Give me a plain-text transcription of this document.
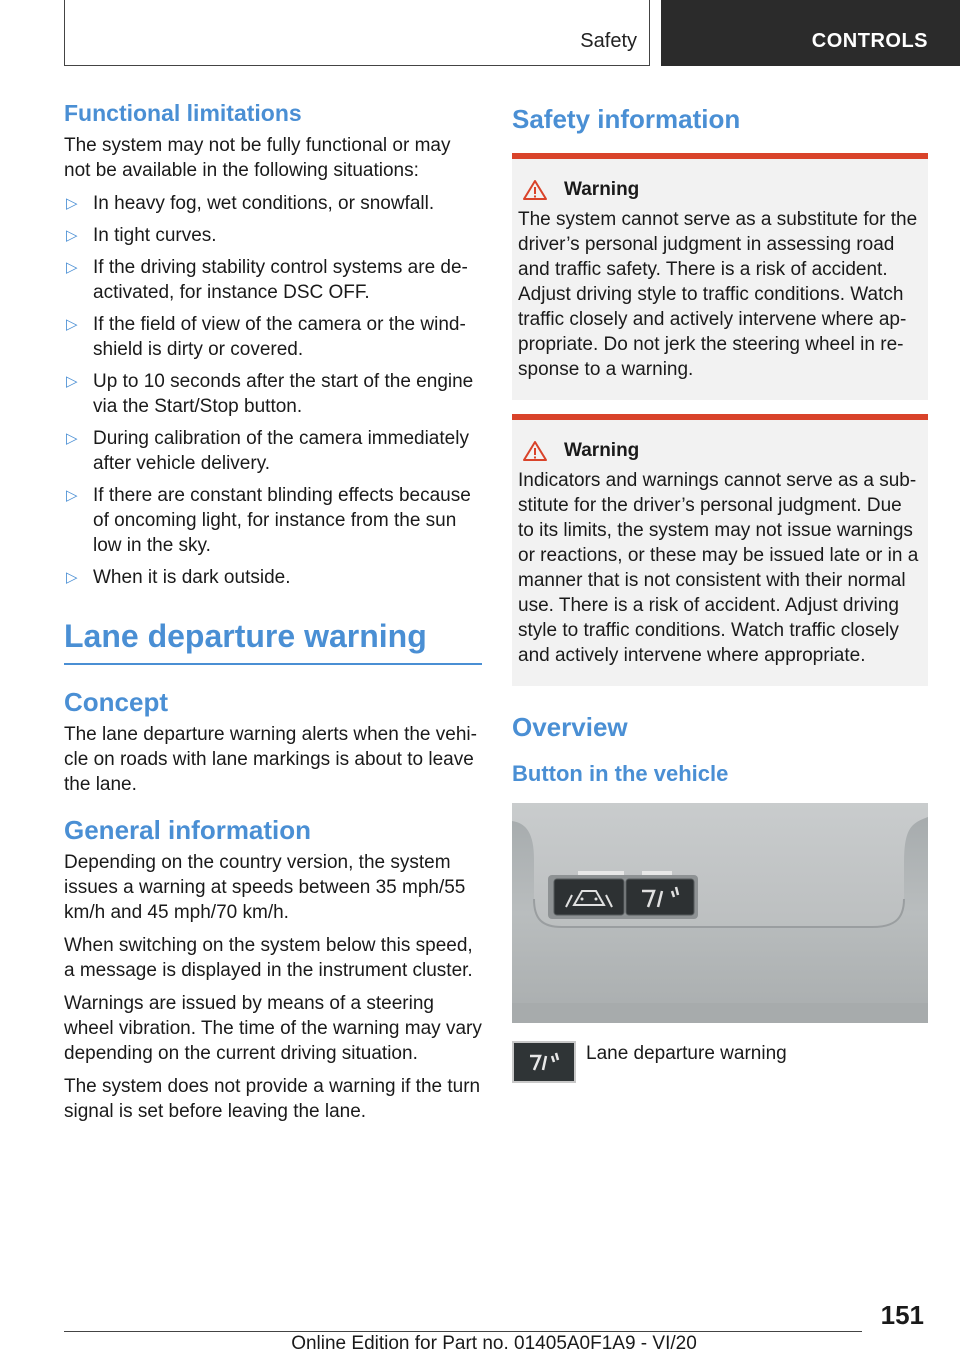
Safety	CONTROLS
Functional limitations

The system may not be fully functional or may not be available in the following situations:

▷ In heavy fog, wet conditions, or snowfall.
▷ In tight curves.
▷ If the driving stability control systems are deactivated, for instance DSC OFF.
▷ If the field of view of the camera or the windshield is dirty or covered.
▷ Up to 10 seconds after the start of the engine via the Start/Stop button.
▷ During calibration of the camera immediately after vehicle delivery.
▷ If there are constant blinding effects because of oncoming light, for instance from the sun low in the sky.
▷ When it is dark outside.
Lane departure warning
Concept

The lane departure warning alerts when the vehicle on roads with lane markings is about to leave the lane.

General information

Depending on the country version, the system issues a warning at speeds between 35 mph/55 km/h and 45 mph/70 km/h.

When switching on the system below this speed, a message is displayed in the instrument cluster.

Warnings are issued by means of a steering wheel vibration. The time of the warning may vary depending on the current driving situation.

The system does not provide a warning if the turn signal is set before leaving the lane.

Safety information
Warning

The system cannot serve as a substitute for the driver’s personal judgment in assessing road and traffic safety. There is a risk of accident. Adjust driving style to traffic conditions. Watch traffic closely and actively intervene where appropriate. Do not jerk the steering wheel in response to a warning.

Warning

Indicators and warnings cannot serve as a substitute for the driver’s personal judgment. Due to its limits, the system may not issue warnings or reactions, or these may be issued late or in a manner that is not consistent with their normal use. There is a risk of accident. Adjust driving style to traffic conditions. Watch traffic closely and actively intervene where appropriate.

Overview
Button in the vehicle
Lane departure warning
151
Online Edition for Part no. 01405A0F1A9 - VI/20
